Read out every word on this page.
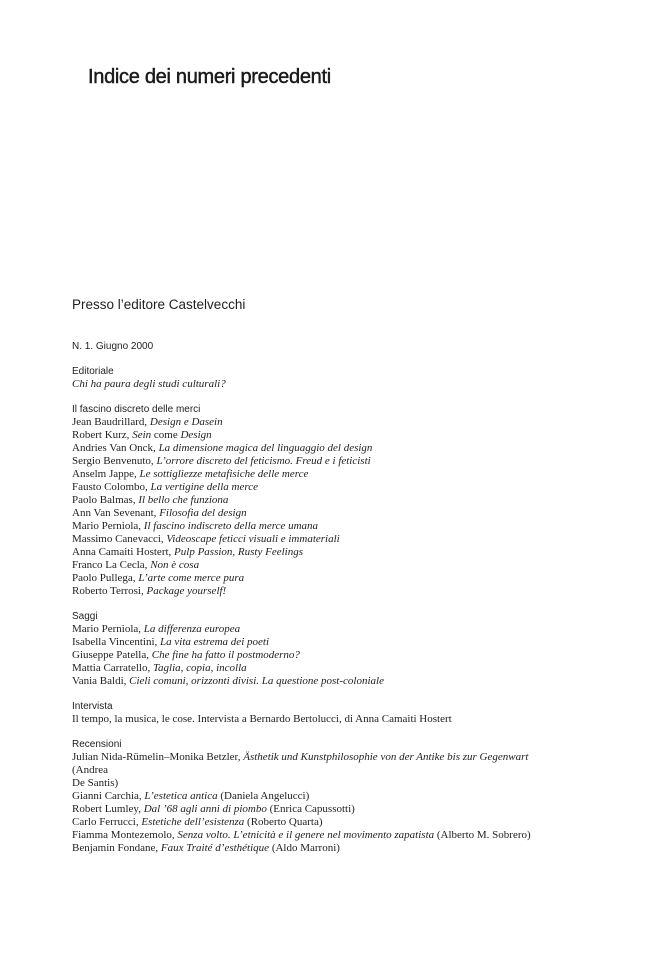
Indice dei numeri precedenti
Presso l’editore Castelvecchi
N. 1. Giugno 2000
Editoriale
Chi ha paura degli studi culturali?
Il fascino discreto delle merci
Jean Baudrillard, Design e Dasein
Robert Kurz, Sein come Design
Andries Van Onck, La dimensione magica del linguaggio del design
Sergio Benvenuto, L’orrore discreto del feticismo. Freud e i feticisti
Anselm Jappe, Le sottigliezze metafisiche delle merce
Fausto Colombo, La vertigine della merce
Paolo Balmas, Il bello che funziona
Ann Van Sevenant, Filosofia del design
Mario Perniola, Il fascino indiscreto della merce umana
Massimo Canevacci, Videoscape feticci visuali e immateriali
Anna Camaiti Hostert, Pulp Passion, Rusty Feelings
Franco La Cecla, Non è cosa
Paolo Pullega, L’arte come merce pura
Roberto Terrosi, Package yourself!
Saggi
Mario Perniola, La differenza europea
Isabella Vincentini, La vita estrema dei poeti
Giuseppe Patella, Che fine ha fatto il postmoderno?
Mattia Carratello, Taglia, copia, incolla
Vania Baldi, Cieli comuni, orizzonti divisi. La questione post-coloniale
Intervista
Il tempo, la musica, le cose. Intervista a Bernardo Bertolucci, di Anna Camaiti Hostert
Recensioni
Julian Nida-Rümelin–Monika Betzler, Ästhetik und Kunstphilosophie von der Antike bis zur Gegenwart
(Andrea
De Santis)
Gianni Carchia, L’estetica antica (Daniela Angelucci)
Robert Lumley, Dal ’68 agli anni di piombo (Enrica Capussotti)
Carlo Ferrucci, Estetiche dell’esistenza (Roberto Quarta)
Fiamma Montezemolo, Senza volto. L’etnicità e il genere nel movimento zapatista (Alberto M. Sobrero)
Benjamin Fondane, Faux Traité d’esthétique (Aldo Marroni)
